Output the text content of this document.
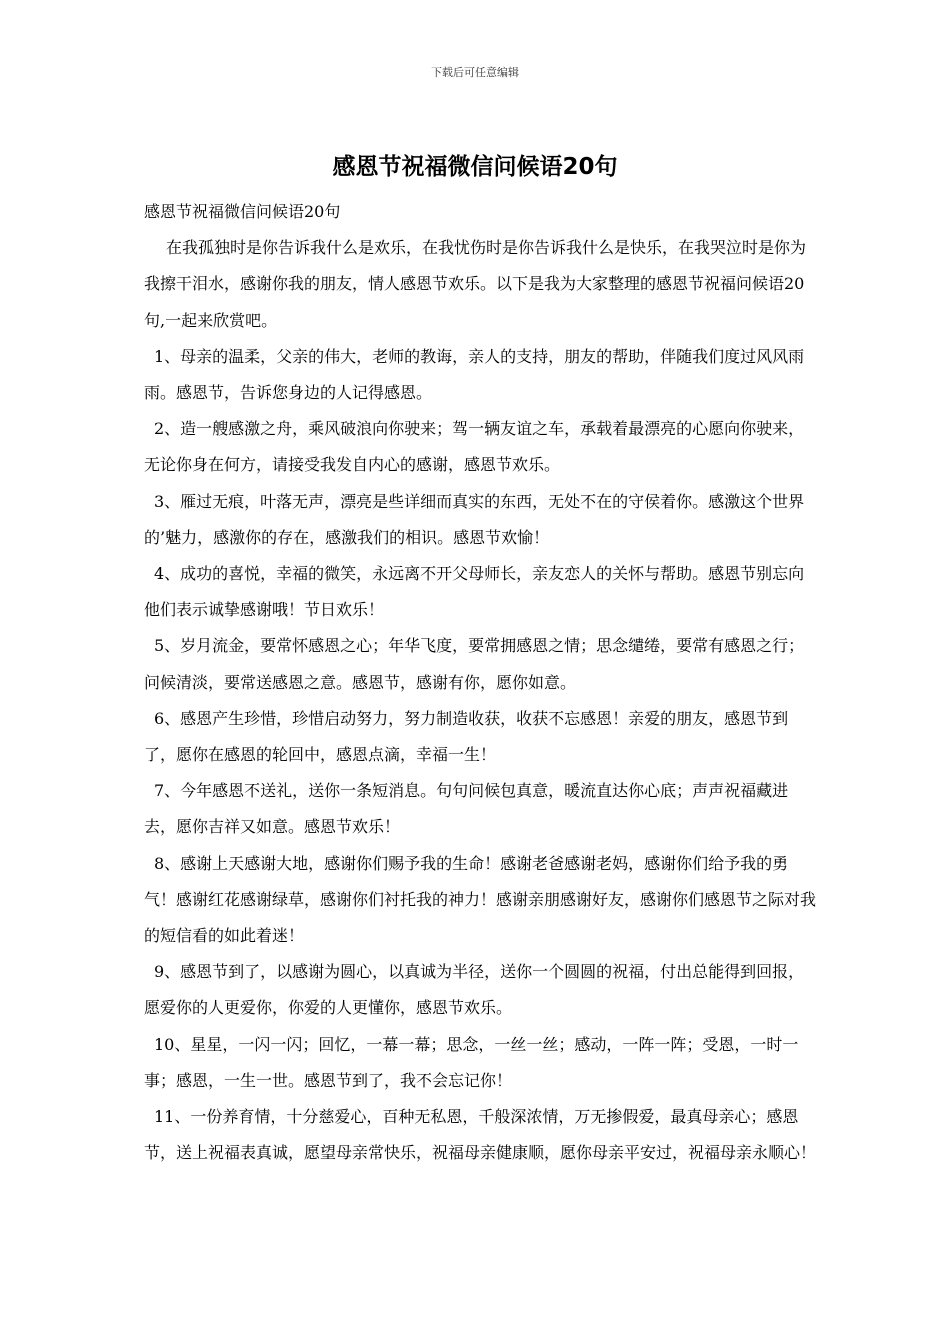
下载后可任意编辑
感恩节祝福微信问候语20句

感恩节祝福微信问候语20句

在我孤独时是你告诉我什么是欢乐，在我忧伤时是你告诉我什么是快乐，在我哭泣时是你为我擦干泪水，感谢你我的朋友，情人感恩节欢乐。以下是我为大家整理的感恩节祝福问候语20句,一起来欣赏吧。

1、母亲的温柔，父亲的伟大，老师的教诲，亲人的支持，朋友的帮助，伴随我们度过风风雨雨。感恩节，告诉您身边的人记得感恩。

2、造一艘感激之舟，乘风破浪向你驶来；驾一辆友谊之车，承载着最漂亮的心愿向你驶来，无论你身在何方，请接受我发自内心的感谢，感恩节欢乐。

3、雁过无痕，叶落无声，漂亮是些详细而真实的东西，无处不在的守侯着你。感激这个世界的’魅力，感激你的存在，感激我们的相识。感恩节欢愉！

4、成功的喜悦，幸福的微笑，永远离不开父母师长，亲友恋人的关怀与帮助。感恩节别忘向他们表示诚挚感谢哦！节日欢乐！

5、岁月流金，要常怀感恩之心；年华飞度，要常拥感恩之情；思念缱绻，要常有感恩之行；问候清淡，要常送感恩之意。感恩节，感谢有你，愿你如意。

6、感恩产生珍惜，珍惜启动努力，努力制造收获，收获不忘感恩！亲爱的朋友，感恩节到了，愿你在感恩的轮回中，感恩点滴，幸福一生！

7、今年感恩不送礼，送你一条短消息。句句问候包真意，暖流直达你心底；声声祝福藏进去，愿你吉祥又如意。感恩节欢乐！

8、感谢上天感谢大地，感谢你们赐予我的生命！感谢老爸感谢老妈，感谢你们给予我的勇气！感谢红花感谢绿草，感谢你们衬托我的神力！感谢亲朋感谢好友，感谢你们感恩节之际对我的短信看的如此着迷！

9、感恩节到了，以感谢为圆心，以真诚为半径，送你一个圆圆的祝福，付出总能得到回报，愿爱你的人更爱你，你爱的人更懂你，感恩节欢乐。

10、星星，一闪一闪；回忆，一幕一幕；思念，一丝一丝；感动，一阵一阵；受恩，一时一事；感恩，一生一世。感恩节到了，我不会忘记你！

11、一份养育情，十分慈爱心，百种无私恩，千般深浓情，万无掺假爱，最真母亲心；感恩节，送上祝福表真诚，愿望母亲常快乐，祝福母亲健康顺，愿你母亲平安过，祝福母亲永顺心！
